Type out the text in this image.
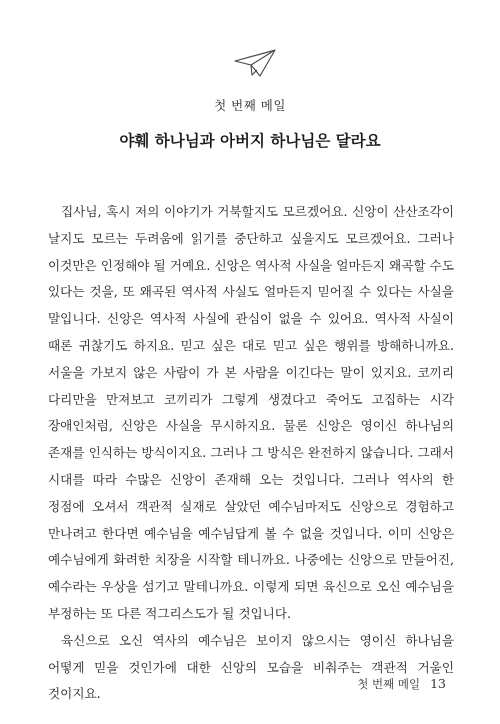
첫 번째 메일
야훼 하나님과 아버지 하나님은 달라요

집사님, 혹시 저의 이야기가 거북할지도 모르겠어요. 신앙이 산산조각이 날지도 모르는 두려움에 읽기를 중단하고 싶을지도 모르겠어요. 그러나 이것만은 인정해야 될 거예요. 신앙은 역사적 사실을 얼마든지 왜곡할 수도 있다는 것을, 또 왜곡된 역사적 사실도 얼마든지 믿어질 수 있다는 사실을 말입니다. 신앙은 역사적 사실에 관심이 없을 수 있어요. 역사적 사실이 때론 귀찮기도 하지요. 믿고 싶은 대로 믿고 싶은 행위를 방해하니까요. 서울을 가보지 않은 사람이 가 본 사람을 이긴다는 말이 있지요. 코끼리 다리만을 만져보고 코끼리가 그렇게 생겼다고 죽어도 고집하는 시각 장애인처럼, 신앙은 사실을 무시하지요. 물론 신앙은 영이신 하나님의 존재를 인식하는 방식이지요. 그러나 그 방식은 완전하지 않습니다. 그래서 시대를 따라 수많은 신앙이 존재해 오는 것입니다. 그러나 역사의 한 정점에 오셔서 객관적 실재로 살았던 예수님마저도 신앙으로 경험하고 만나려고 한다면 예수님을 예수님답게 볼 수 없을 것입니다. 이미 신앙은 예수님에게 화려한 치장을 시작할 테니까요. 나중에는 신앙으로 만들어진, 예수라는 우상을 섬기고 말테니까요. 이렇게 되면 육신으로 오신 예수님을 부정하는 또 다른 적그리스도가 될 것입니다.

육신으로 오신 역사의 예수님은 보이지 않으시는 영이신 하나님을 어떻게 믿을 것인가에 대한 신앙의 모습을 비춰주는 객관적 거울인 것이지요.

첫 번째 메일 13
